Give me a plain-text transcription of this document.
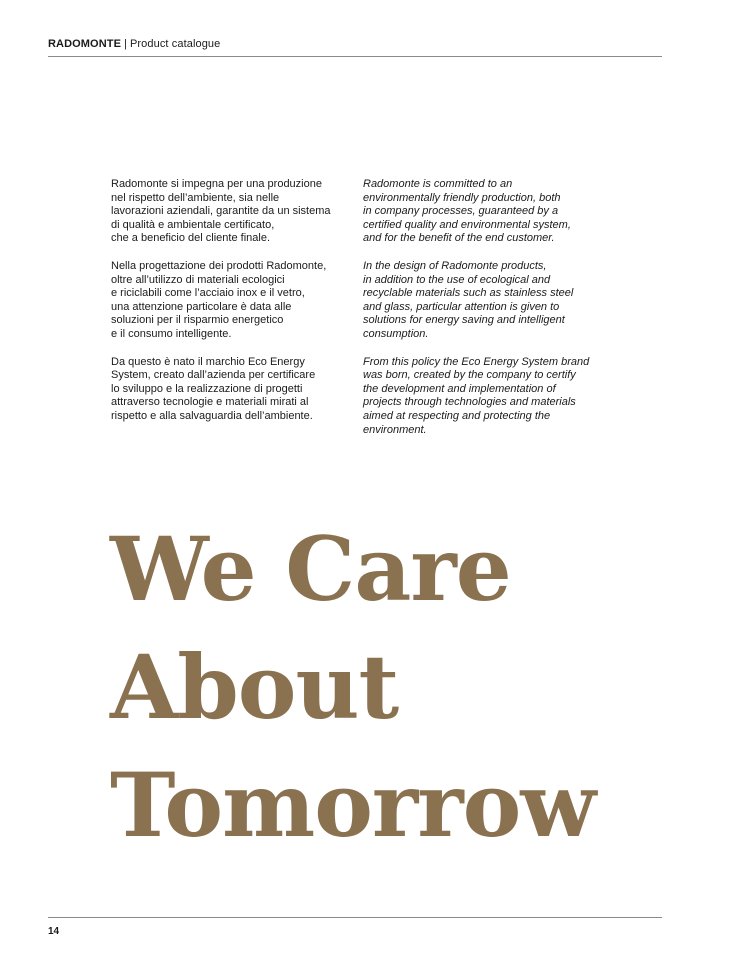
RADOMONTE | Product catalogue

Radomonte si impegna per una produzione
nel rispetto dell’ambiente, sia nelle
lavorazioni aziendali, garantite da un sistema
di qualità e ambientale certificato,
che a beneficio del cliente finale.

Nella progettazione dei prodotti Radomonte,
oltre all’utilizzo di materiali ecologici
e riciclabili come l’acciaio inox e il vetro,
una attenzione particolare è data alle
soluzioni per il risparmio energetico
e il consumo intelligente.

Da questo è nato il marchio Eco Energy
System, creato dall’azienda per certificare
lo sviluppo e la realizzazione di progetti
attraverso tecnologie e materiali mirati al
rispetto e alla salvaguardia dell’ambiente.

Radomonte is committed to an
environmentally friendly production, both
in company processes, guaranteed by a
certified quality and environmental system,
and for the benefit of the end customer.

In the design of Radomonte products,
in addition to the use of ecological and
recyclable materials such as stainless steel
and glass, particular attention is given to
solutions for energy saving and intelligent
consumption.

From this policy the Eco Energy System brand
was born, created by the company to certify
the development and implementation of
projects through technologies and materials
aimed at respecting and protecting the
environment.

We Care
About
Tomorrow
14
